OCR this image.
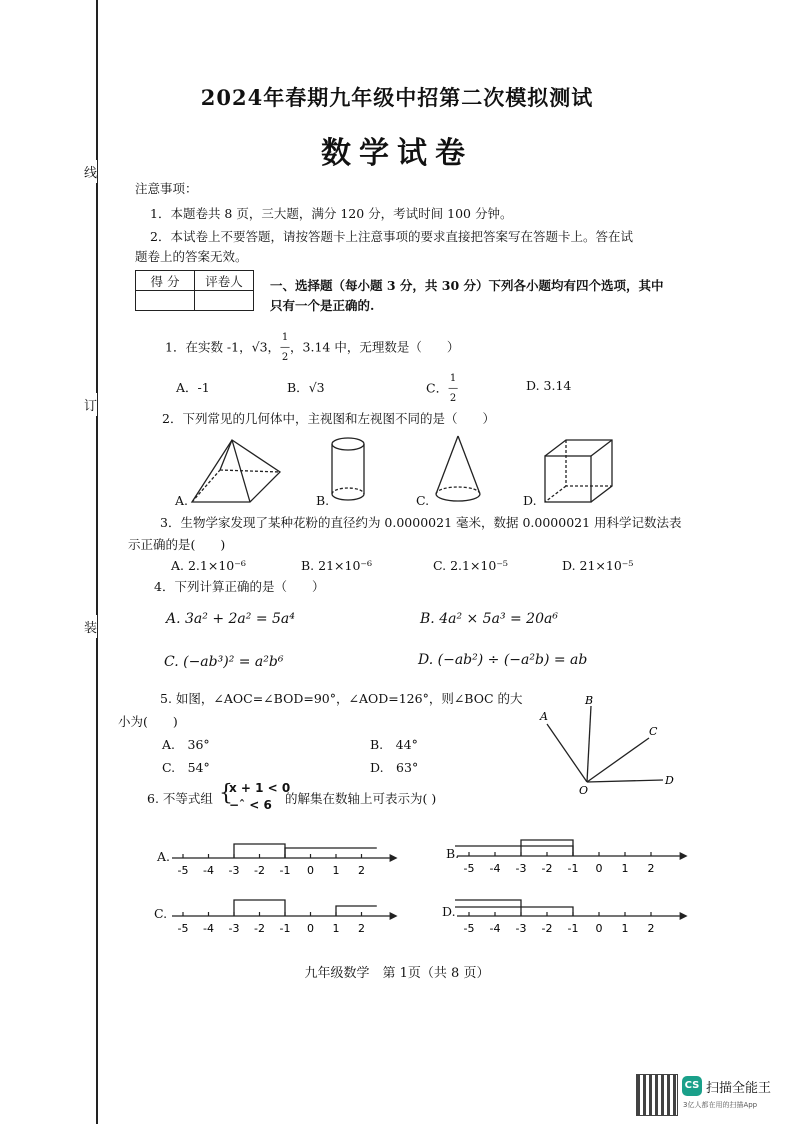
线
订
装
2024年春期九年级中招第二次模拟测试
数学试卷
注意事项：
1．本题卷共 8 页，三大题，满分 120 分，考试时间 100 分钟。
2．本试卷上不要答题，请按答题卡上注意事项的要求直接把答案写在答题卡上。答在试
题卷上的答案无效。
得 分	评卷人
	一、选择题（每小题 3 分，共 30 分）下列各小题均有四个选项，其中
只有一个是正确的.
1．在实数 -1，√3，1
—
2，3.14 中，无理数是（　　）
A．-1	B．√3	C．1
—
2
D. 3.14
2．下列常见的几何体中，主视图和左视图不同的是（　　）
A.	B.	C.	D.
3．生物学家发现了某种花粉的直径约为 0.0000021 毫米，数据 0.0000021 用科学记数法表
示正确的是(　　)
A. 2.1×10⁻⁶	B. 21×10⁻⁶	C. 2.1×10⁻⁵	D. 21×10⁻⁵
4．下列计算正确的是（　　）
A. 3a² + 2a² = 5a⁴	B. 4a² × 5a³ = 20a⁶
C. (−ab³)² = a²b⁶	D. (−ab²) ÷ (−a²b) = ab
5. 如图，∠AOC=∠BOD=90°，∠AOD=126°，则∠BOC 的大
小为(　　)
A.　36°	B.　44°
C.　54°	D.　63°
A
B
C
D
O
6. 不等式组 {
x + 1 < 0
−ˆ < 6 的解集在数轴上可表示为( )
A.	B.
C.	D.
-5 -4 -3 -2 -1 0 1 2	-5 -4 -3 -2 -1 0 1 2
-5 -4 -3 -2 -1 0 1 2	-5 -4 -3 -2 -1 0 1 2
九年级数学　第 1页（共 8 页）
CS 扫描全能王
3亿人都在用的扫描App
